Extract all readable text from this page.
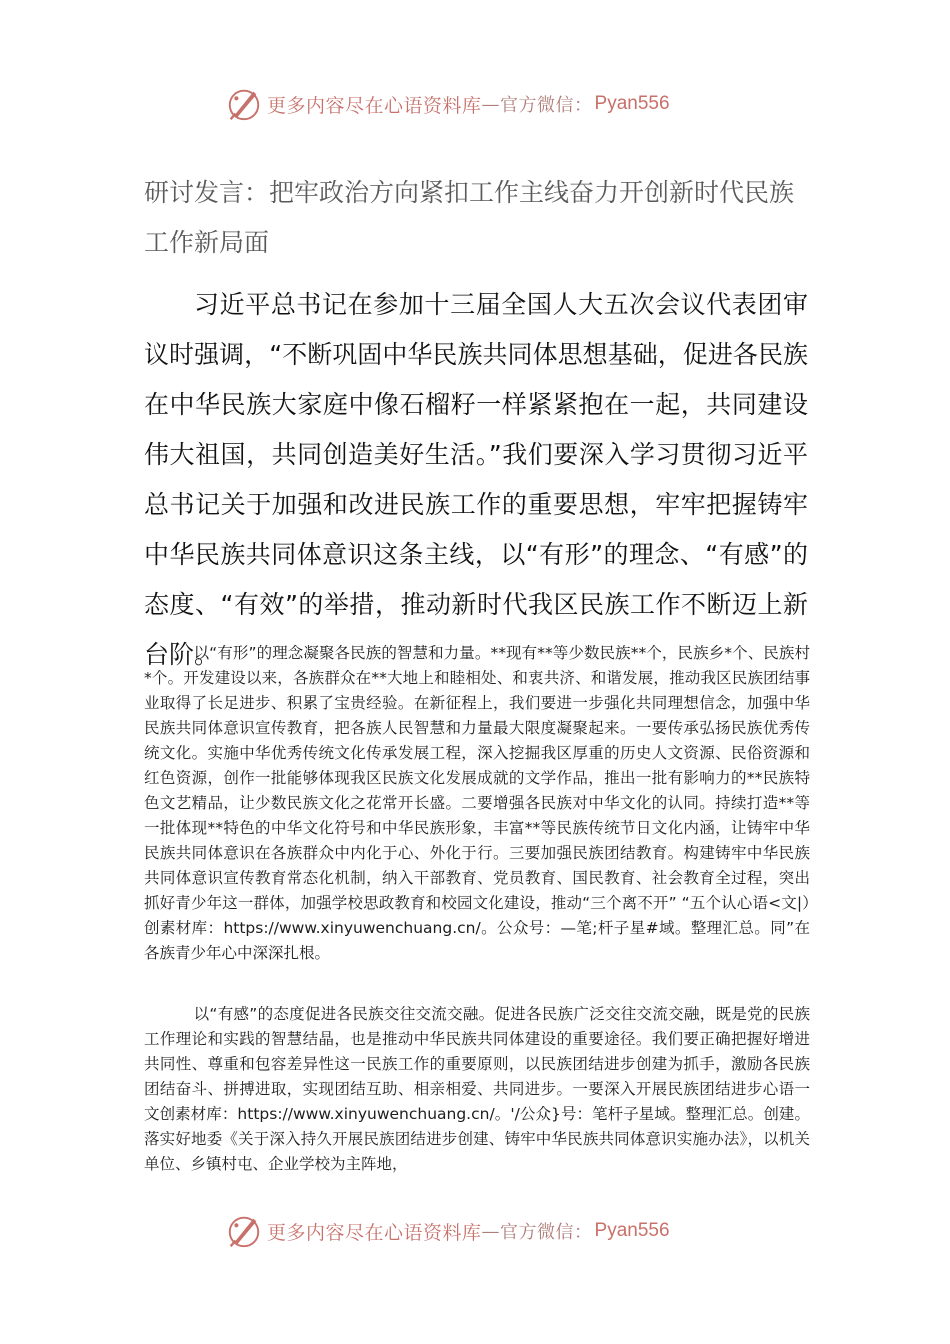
更多内容尽在心语资料库 — 官方微信： Pyan556
研讨发言：把牢政治方向紧扣工作主线奋力开创新时代民族工作新局面

习近平总书记在参加十三届全国人大五次会议代表团审议时强调，“不断巩固中华民族共同体思想基础，促进各民族在中华民族大家庭中像石榴籽一样紧紧抱在一起，共同建设伟大祖国，共同创造美好生活。”我们要深入学习贯彻习近平总书记关于加强和改进民族工作的重要思想，牢牢把握铸牢中华民族共同体意识这条主线，以“有形”的理念、“有感”的态度、“有效”的举措，推动新时代我区民族工作不断迈上新台阶。

以“有形”的理念凝聚各民族的智慧和力量。**现有**等少数民族**个，民族乡*个、民族村*个。开发建设以来，各族群众在**大地上和睦相处、和衷共济、和谐发展，推动我区民族团结事业取得了长足进步、积累了宝贵经验。在新征程上，我们要进一步强化共同理想信念，加强中华民族共同体意识宣传教育，把各族人民智慧和力量最大限度凝聚起来。一要传承弘扬民族优秀传统文化。实施中华优秀传统文化传承发展工程，深入挖掘我区厚重的历史人文资源、民俗资源和红色资源，创作一批能够体现我区民族文化发展成就的文学作品，推出一批有影响力的**民族特色文艺精品，让少数民族文化之花常开长盛。二要增强各民族对中华文化的认同。持续打造**等一批体现**特色的中华文化符号和中华民族形象，丰富**等民族传统节日文化内涵，让铸牢中华民族共同体意识在各族群众中内化于心、外化于行。三要加强民族团结教育。构建铸牢中华民族共同体意识宣传教育常态化机制，纳入干部教育、党员教育、国民教育、社会教育全过程，突出抓好青少年这一群体，加强学校思政教育和校园文化建设，推动“三个离不开” “五个认心语<文|）创素材库：https://www.xinyuwenchuang.cn/。公众号：—笔;杆子星#域。整理汇总。同”在各族青少年心中深深扎根。

以“有感”的态度促进各民族交往交流交融。促进各民族广泛交往交流交融，既是党的民族工作理论和实践的智慧结晶，也是推动中华民族共同体建设的重要途径。我们要正确把握好增进共同性、尊重和包容差异性这一民族工作的重要原则，以民族团结进步创建为抓手，激励各民族团结奋斗、拼搏进取，实现团结互助、相亲相爱、共同进步。一要深入开展民族团结进步心语一文创素材库：https://www.xinyuwenchuang.cn/。'/公众}号：笔杆子星域。整理汇总。创建。落实好地委《关于深入持久开展民族团结进步创建、铸牢中华民族共同体意识实施办法》，以机关单位、乡镇村屯、企业学校为主阵地，

更多内容尽在心语资料库 — 官方微信： Pyan556
